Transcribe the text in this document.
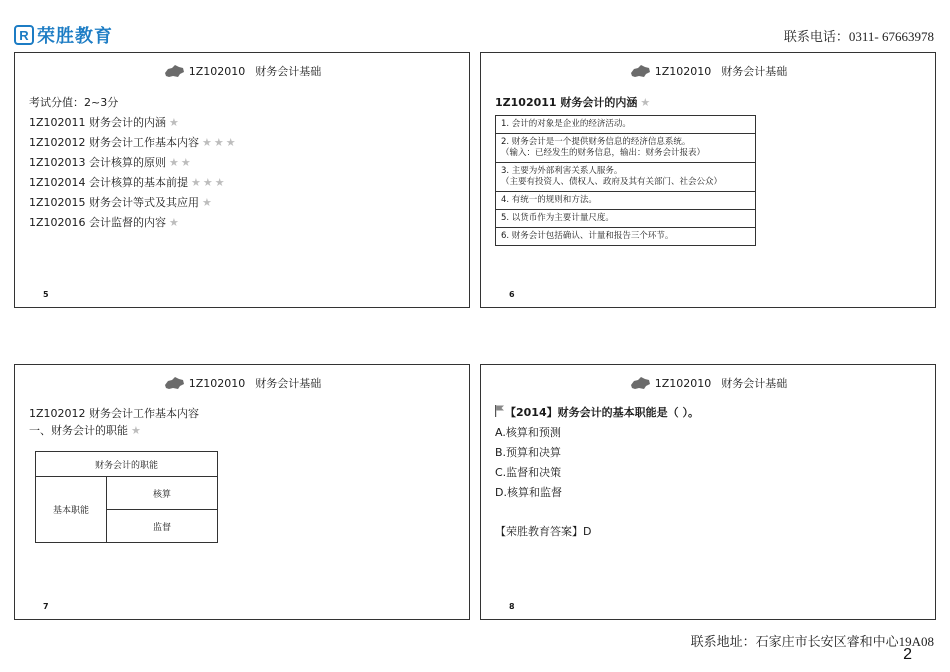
R 荣胜教育	联系电话：0311- 67663978
1Z102010 财务会计基础
考试分值：2~3分
1Z102011 财务会计的内涵 ★
1Z102012 财务会计工作基本内容 ★★★
1Z102013 会计核算的原则 ★★
1Z102014 会计核算的基本前提 ★★★
1Z102015 财务会计等式及其应用 ★
1Z102016 会计监督的内容 ★
5
1Z102010 财务会计基础
1Z102011 财务会计的内涵 ★
1. 会计的对象是企业的经济活动。

2. 财务会计是一个提供财务信息的经济信息系统。
（输入：已经发生的财务信息，输出：财务会计报表）

3. 主要为外部利害关系人服务。
（主要有投资人、债权人、政府及其有关部门、社会公众）

4. 有统一的规则和方法。

5. 以货币作为主要计量尺度。

6. 财务会计包括确认、计量和报告三个环节。
6
1Z102010 财务会计基础
1Z102012 财务会计工作基本内容
一、财务会计的职能 ★
财务会计的职能
基本职能	核算
监督
7
1Z102010 财务会计基础
【2014】财务会计的基本职能是（ ）。
A.核算和预测
B.预算和决算
C.监督和决策
D.核算和监督
【荣胜教育答案】D
8
联系地址：石家庄市长安区睿和中心19A08
2
